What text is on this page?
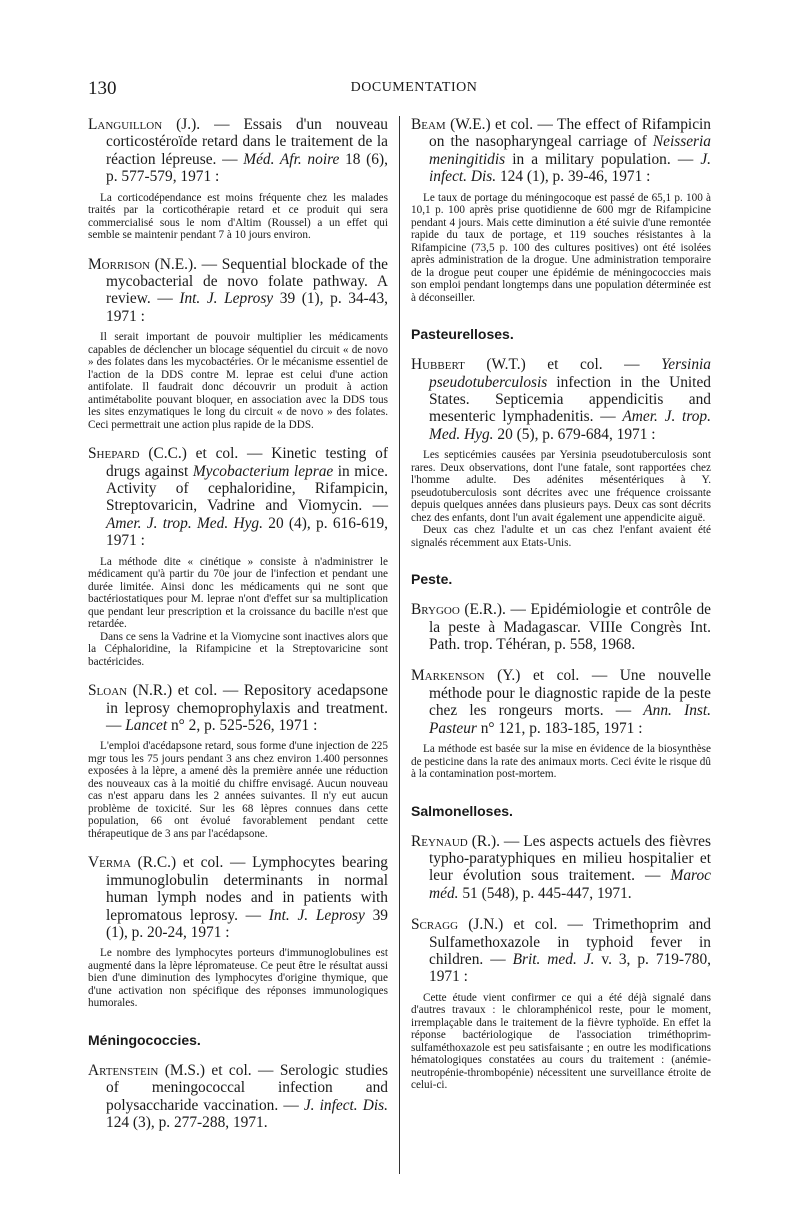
130	DOCUMENTATION
Languillon (J.). — Essais d'un nouveau corticostéroïde retard dans le traitement de la réaction lépreuse. — Méd. Afr. noire 18 (6), p. 577-579, 1971 :

La corticodépendance est moins fréquente chez les malades traités par la corticothérapie retard et ce produit qui sera commercialisé sous le nom d'Altim (Roussel) a un effet qui semble se maintenir pendant 7 à 10 jours environ.

Morrison (N.E.). — Sequential blockade of the mycobacterial de novo folate pathway. A review. — Int. J. Leprosy 39 (1), p. 34-43, 1971 :

Il serait important de pouvoir multiplier les médicaments capables de déclencher un blocage séquentiel du circuit « de novo » des folates dans les mycobactéries. Or le mécanisme essentiel de l'action de la DDS contre M. leprae est celui d'une action antifolate. Il faudrait donc découvrir un produit à action antimétabolite pouvant bloquer, en association avec la DDS tous les sites enzymatiques le long du circuit « de novo » des folates. Ceci permettrait une action plus rapide de la DDS.

Shepard (C.C.) et col. — Kinetic testing of drugs against Mycobacterium leprae in mice. Activity of cephaloridine, Rifampicin, Streptovaricin, Vadrine and Viomycin. — Amer. J. trop. Med. Hyg. 20 (4), p. 616-619, 1971 :

La méthode dite « cinétique » consiste à n'administrer le médicament qu'à partir du 70e jour de l'infection et pendant une durée limitée. Ainsi donc les médicaments qui ne sont que bactériostatiques pour M. leprae n'ont d'effet sur sa multiplication que pendant leur prescription et la croissance du bacille n'est que retardée.

Dans ce sens la Vadrine et la Viomycine sont inactives alors que la Céphaloridine, la Rifampicine et la Streptovaricine sont bactéricides.

Sloan (N.R.) et col. — Repository acedapsone in leprosy chemoprophylaxis and treatment. — Lancet n° 2, p. 525-526, 1971 :

L'emploi d'acédapsone retard, sous forme d'une injection de 225 mgr tous les 75 jours pendant 3 ans chez environ 1.400 personnes exposées à la lèpre, a amené dès la première année une réduction des nouveaux cas à la moitié du chiffre envisagé. Aucun nouveau cas n'est apparu dans les 2 années suivantes. Il n'y eut aucun problème de toxicité. Sur les 68 lèpres connues dans cette population, 66 ont évolué favorablement pendant cette thérapeutique de 3 ans par l'acédapsone.

Verma (R.C.) et col. — Lymphocytes bearing immunoglobulin determinants in normal human lymph nodes and in patients with lepromatous leprosy. — Int. J. Leprosy 39 (1), p. 20-24, 1971 :

Le nombre des lymphocytes porteurs d'immunoglobulines est augmenté dans la lèpre lépromateuse. Ce peut être le résultat aussi bien d'une diminution des lymphocytes d'origine thymique, que d'une activation non spécifique des réponses immunologiques humorales.

Méningococcies.
Artenstein (M.S.) et col. — Serologic studies of meningococcal infection and polysaccharide vaccination. — J. infect. Dis. 124 (3), p. 277-288, 1971.
Beam (W.E.) et col. — The effect of Rifampicin on the nasopharyngeal carriage of Neisseria meningitidis in a military population. — J. infect. Dis. 124 (1), p. 39-46, 1971 :

Le taux de portage du méningocoque est passé de 65,1 p. 100 à 10,1 p. 100 après prise quotidienne de 600 mgr de Rifampicine pendant 4 jours. Mais cette diminution a été suivie d'une remontée rapide du taux de portage, et 119 souches résistantes à la Rifampicine (73,5 p. 100 des cultures positives) ont été isolées après administration de la drogue. Une administration temporaire de la drogue peut couper une épidémie de méningococcies mais son emploi pendant longtemps dans une population déterminée est à déconseiller.

Pasteurelloses.
Hubbert (W.T.) et col. — Yersinia pseudotuberculosis infection in the United States. Septicemia appendicitis and mesenteric lymphadenitis. — Amer. J. trop. Med. Hyg. 20 (5), p. 679-684, 1971 :

Les septicémies causées par Yersinia pseudotuberculosis sont rares. Deux observations, dont l'une fatale, sont rapportées chez l'homme adulte. Des adénites mésentériques à Y. pseudotuberculosis sont décrites avec une fréquence croissante depuis quelques années dans plusieurs pays. Deux cas sont décrits chez des enfants, dont l'un avait également une appendicite aiguë.

Deux cas chez l'adulte et un cas chez l'enfant avaient été signalés récemment aux Etats-Unis.

Peste.
Brygoo (E.R.). — Epidémiologie et contrôle de la peste à Madagascar. VIIIe Congrès Int. Path. trop. Téhéran, p. 558, 1968.
Markenson (Y.) et col. — Une nouvelle méthode pour le diagnostic rapide de la peste chez les rongeurs morts. — Ann. Inst. Pasteur n° 121, p. 183-185, 1971 :

La méthode est basée sur la mise en évidence de la biosynthèse de pesticine dans la rate des animaux morts. Ceci évite le risque dû à la contamination post-mortem.

Salmonelloses.
Reynaud (R.). — Les aspects actuels des fièvres typho-paratyphiques en milieu hospitalier et leur évolution sous traitement. — Maroc méd. 51 (548), p. 445-447, 1971.
Scragg (J.N.) et col. — Trimethoprim and Sulfamethoxazole in typhoid fever in children. — Brit. med. J. v. 3, p. 719-780, 1971 :

Cette étude vient confirmer ce qui a été déjà signalé dans d'autres travaux : le chloramphénicol reste, pour le moment, irremplaçable dans le traitement de la fièvre typhoïde. En effet la réponse bactériologique de l'association triméthoprim-sulfaméthoxazole est peu satisfaisante ; en outre les modifications hématologiques constatées au cours du traitement : (anémie-neutropénie-thrombopénie) nécessitent une surveillance étroite de celui-ci.
